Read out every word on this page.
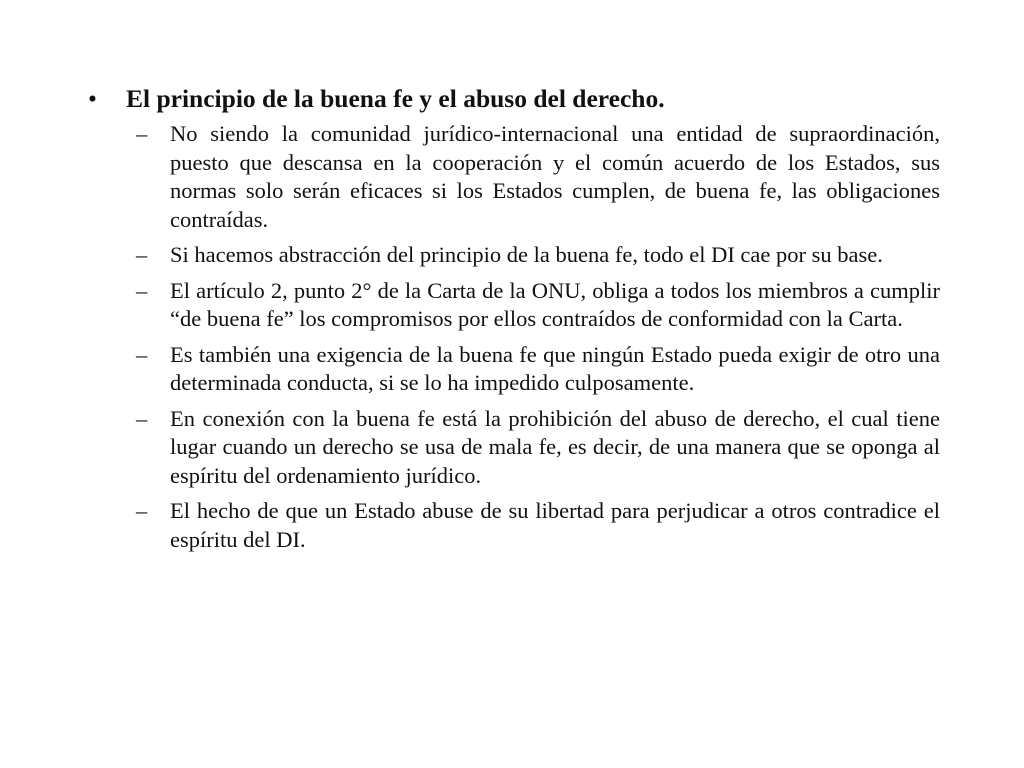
•	El principio de la buena fe y el abuso del derecho.
–	No siendo la comunidad jurídico-internacional una entidad de supraordinación, puesto que descansa en la cooperación y el común acuerdo de los Estados, sus normas solo serán eficaces si los Estados cumplen, de buena fe, las obligaciones contraídas.
–	Si hacemos abstracción del principio de la buena fe, todo el DI cae por su base.
–	El artículo 2, punto 2° de la Carta de la ONU, obliga a todos los miembros a cumplir “de buena fe” los compromisos por ellos contraídos de conformidad con la Carta.
–	Es también una exigencia de la buena fe que ningún Estado pueda exigir de otro una determinada conducta, si se lo ha impedido culposamente.
–	En conexión con la buena fe está la prohibición del abuso de derecho, el cual tiene lugar cuando un derecho se usa de mala fe, es decir, de una manera que se oponga al espíritu del ordenamiento jurídico.
–	El hecho de que un Estado abuse de su libertad para perjudicar a otros contradice el espíritu del DI.
